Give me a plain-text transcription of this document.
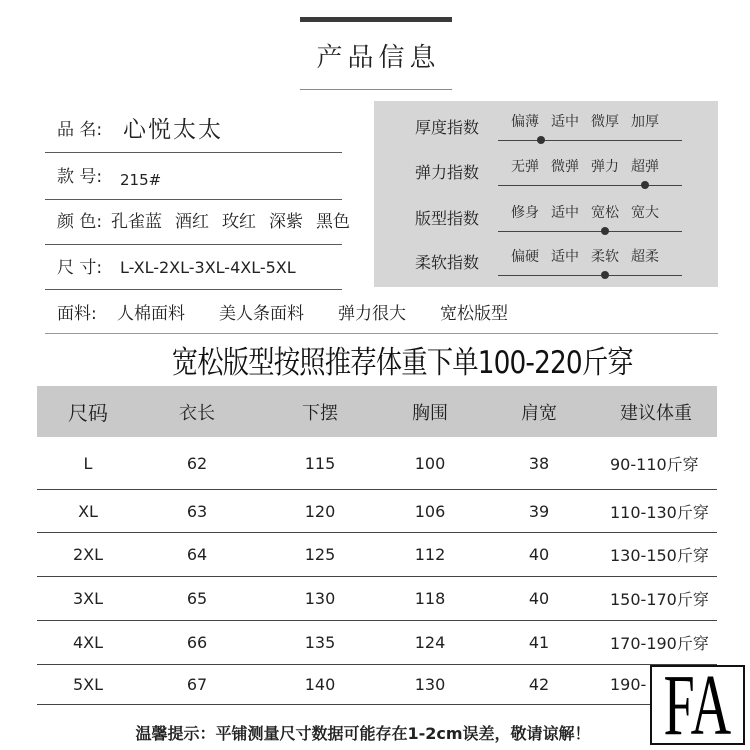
产品信息
品 名: 心悦太太
款 号: 215#
颜 色: 孔雀蓝 酒红 玫红 深紫 黑色
尺 寸: L-XL-2XL-3XL-4XL-5XL
厚度指数	偏薄 适中 微厚 加厚
弹力指数	无弹 微弹 弹力 超弹
版型指数	修身 适中 宽松 宽大
柔软指数	偏硬 适中 柔软 超柔
面料: 人棉面料 美人条面料 弹力很大 宽松版型
宽松版型按照推荐体重下单100-220斤穿
尺码	衣长	下摆	胸围	肩宽	建议体重
L	62	115	100	38	90-110斤穿
XL	63	120	106	39	110-130斤穿
2XL	64	125	112	40	130-150斤穿
3XL	65	130	118	40	150-170斤穿
4XL	66	135	124	41	170-190斤穿
5XL	67	140	130	42	190-
温馨提示：平铺测量尺寸数据可能存在1-2cm误差，敬请谅解！	FA
